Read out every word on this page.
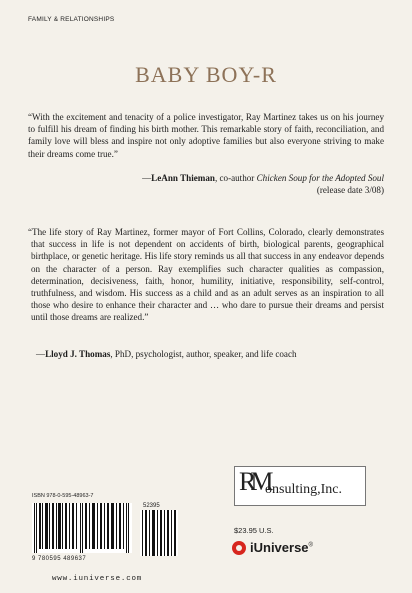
FAMILY & RELATIONSHIPS
BABY BOY-R
“With the excitement and tenacity of a police investigator, Ray Martinez takes us on his journey to fulfill his dream of finding his birth mother. This remarkable story of faith, reconciliation, and family love will bless and inspire not only adoptive families but also everyone striving to make their dreams come true.”
—LeAnn Thieman, co-author Chicken Soup for the Adopted Soul
(release date 3/08)
“The life story of Ray Martinez, former mayor of Fort Collins, Colorado, clearly demonstrates that success in life is not dependent on accidents of birth, biological parents, geographical birthplace, or genetic heritage. His life story reminds us all that success in any endeavor depends on the character of a person. Ray exemplifies such character qualities as compassion, determination, decisiveness, faith, honor, humility, initiative, responsibility, self-control, truthfulness, and wisdom. His success as a child and as an adult serves as an inspiration to all those who desire to enhance their character and … who dare to pursue their dreams and persist until those dreams are realized.”
—Lloyd J. Thomas, PhD, psychologist, author, speaker, and life coach
ISBN 978-0-595-48963-7
9 780595 489637
52395
www.iuniverse.com
RM
onsulting,Inc.
$23.95 U.S.
iUniverse®
